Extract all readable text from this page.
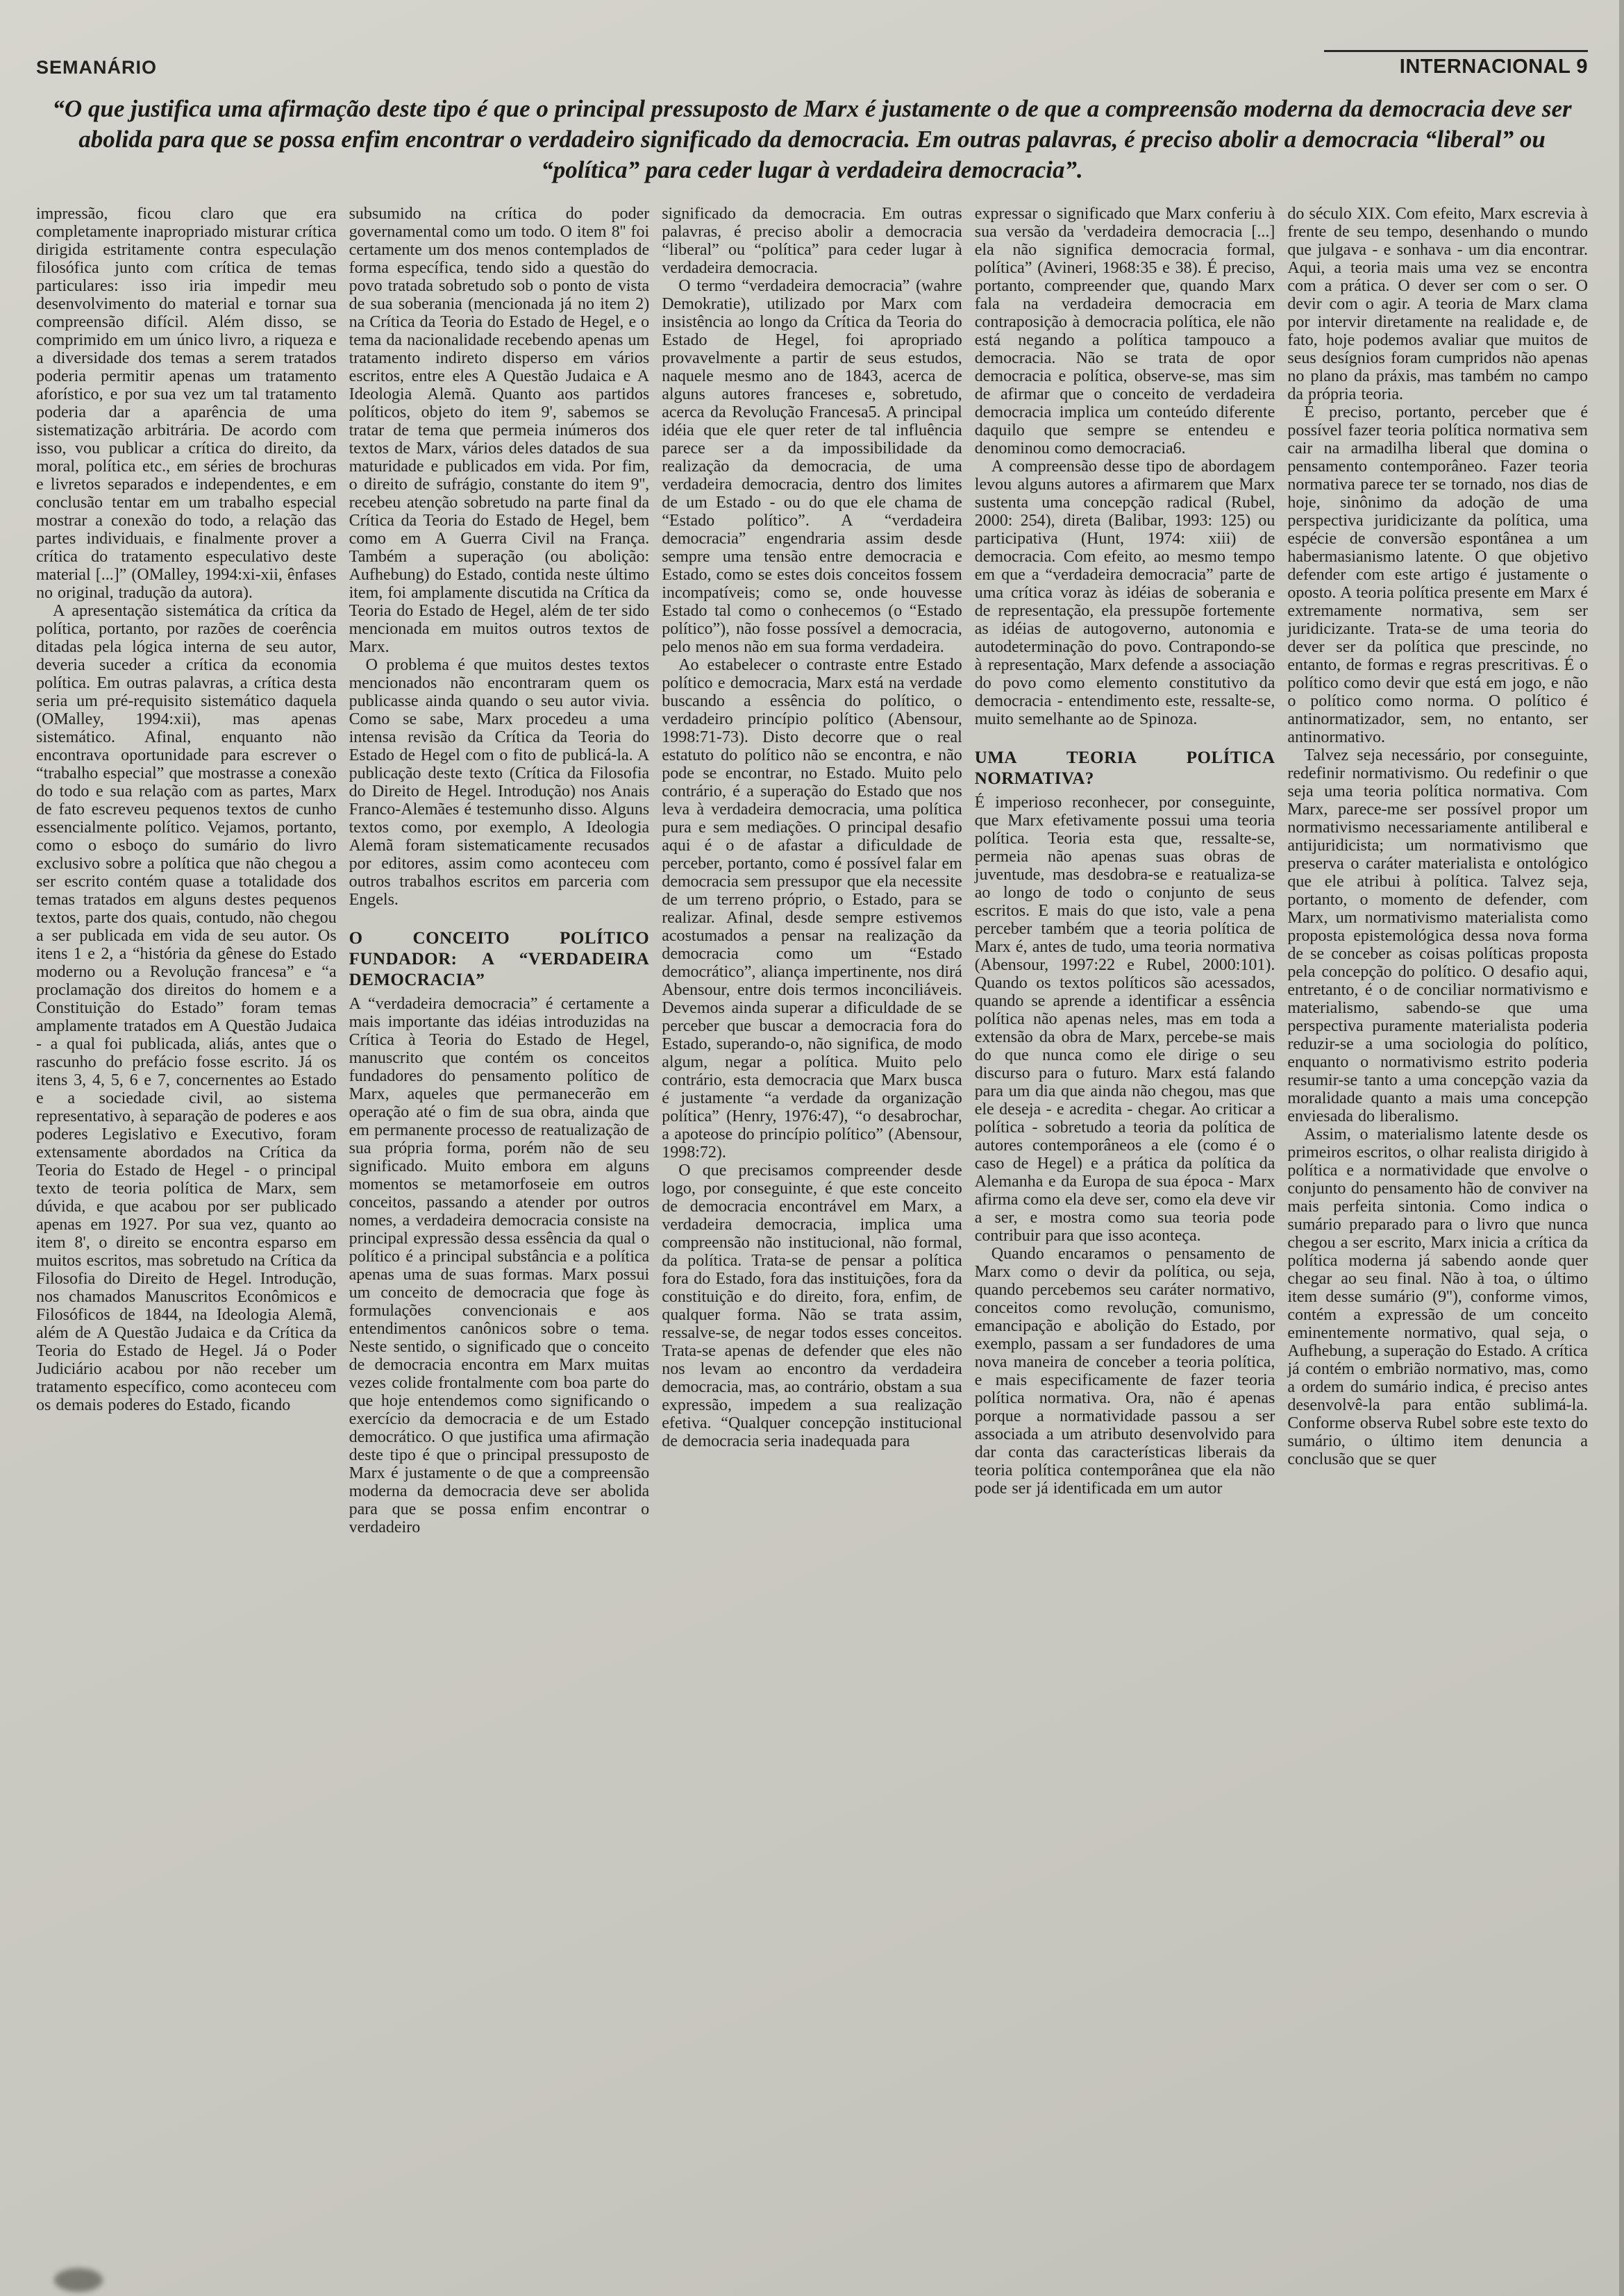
SEMANÁRIO	INTERNACIONAL 9
“O que justifica uma afirmação deste tipo é que o principal pressuposto de Marx é justamente o de que a compreensão moderna da democracia deve ser abolida para que se possa enfim encontrar o verdadeiro significado da democracia. Em outras palavras, é preciso abolir a democracia “liberal” ou “política” para ceder lugar à verdadeira democracia”.

impressão, ficou claro que era completamente inapropriado misturar crítica dirigida estritamente contra especulação filosófica junto com crítica de temas particulares: isso iria impedir meu desenvolvimento do material e tornar sua compreensão difícil. Além disso, se comprimido em um único livro, a riqueza e a diversidade dos temas a serem tratados poderia permitir apenas um tratamento aforístico, e por sua vez um tal tratamento poderia dar a aparência de uma sistematização arbitrária. De acordo com isso, vou publicar a crítica do direito, da moral, política etc., em séries de brochuras e livretos separados e independentes, e em conclusão tentar em um trabalho especial mostrar a conexão do todo, a relação das partes individuais, e finalmente prover a crítica do tratamento especulativo deste material [...]” (OMalley, 1994:xi-xii, ênfases no original, tradução da autora).

A apresentação sistemática da crítica da política, portanto, por razões de coerência ditadas pela lógica interna de seu autor, deveria suceder a crítica da economia política. Em outras palavras, a crítica desta seria um pré-requisito sistemático daquela (OMalley, 1994:xii), mas apenas sistemático. Afinal, enquanto não encontrava oportunidade para escrever o “trabalho especial” que mostrasse a conexão do todo e sua relação com as partes, Marx de fato escreveu pequenos textos de cunho essencialmente político. Vejamos, portanto, como o esboço do sumário do livro exclusivo sobre a política que não chegou a ser escrito contém quase a totalidade dos temas tratados em alguns destes pequenos textos, parte dos quais, contudo, não chegou a ser publicada em vida de seu autor. Os itens 1 e 2, a “história da gênese do Estado moderno ou a Revolução francesa” e “a proclamação dos direitos do homem e a Constituição do Estado” foram temas amplamente tratados em A Questão Judaica - a qual foi publicada, aliás, antes que o rascunho do prefácio fosse escrito. Já os itens 3, 4, 5, 6 e 7, concernentes ao Estado e a sociedade civil, ao sistema representativo, à separação de poderes e aos poderes Legislativo e Executivo, foram extensamente abordados na Crítica da Teoria do Estado de Hegel - o principal texto de teoria política de Marx, sem dúvida, e que acabou por ser publicado apenas em 1927. Por sua vez, quanto ao item 8', o direito se encontra esparso em muitos escritos, mas sobretudo na Crítica da Filosofia do Direito de Hegel. Introdução, nos chamados Manuscritos Econômicos e Filosóficos de 1844, na Ideologia Alemã, além de A Questão Judaica e da Crítica da Teoria do Estado de Hegel. Já o Poder Judiciário acabou por não receber um tratamento específico, como aconteceu com os demais poderes do Estado, ficando

subsumido na crítica do poder governamental como um todo. O item 8'' foi certamente um dos menos contemplados de forma específica, tendo sido a questão do povo tratada sobretudo sob o ponto de vista de sua soberania (mencionada já no item 2) na Crítica da Teoria do Estado de Hegel, e o tema da nacionalidade recebendo apenas um tratamento indireto disperso em vários escritos, entre eles A Questão Judaica e A Ideologia Alemã. Quanto aos partidos políticos, objeto do item 9', sabemos se tratar de tema que permeia inúmeros dos textos de Marx, vários deles datados de sua maturidade e publicados em vida. Por fim, o direito de sufrágio, constante do item 9'', recebeu atenção sobretudo na parte final da Crítica da Teoria do Estado de Hegel, bem como em A Guerra Civil na França. Também a superação (ou abolição: Aufhebung) do Estado, contida neste último item, foi amplamente discutida na Crítica da Teoria do Estado de Hegel, além de ter sido mencionada em muitos outros textos de Marx.

O problema é que muitos destes textos mencionados não encontraram quem os publicasse ainda quando o seu autor vivia. Como se sabe, Marx procedeu a uma intensa revisão da Crítica da Teoria do Estado de Hegel com o fito de publicá-la. A publicação deste texto (Crítica da Filosofia do Direito de Hegel. Introdução) nos Anais Franco-Alemães é testemunho disso. Alguns textos como, por exemplo, A Ideologia Alemã foram sistematicamente recusados por editores, assim como aconteceu com outros trabalhos escritos em parceria com Engels.

O CONCEITO POLÍTICO FUNDADOR: A “VERDADEIRA DEMOCRACIA”

A “verdadeira democracia” é certamente a mais importante das idéias introduzidas na Crítica à Teoria do Estado de Hegel, manuscrito que contém os conceitos fundadores do pensamento político de Marx, aqueles que permanecerão em operação até o fim de sua obra, ainda que em permanente processo de reatualização de sua própria forma, porém não de seu significado. Muito embora em alguns momentos se metamorfoseie em outros conceitos, passando a atender por outros nomes, a verdadeira democracia consiste na principal expressão dessa essência da qual o político é a principal substância e a política apenas uma de suas formas. Marx possui um conceito de democracia que foge às formulações convencionais e aos entendimentos canônicos sobre o tema. Neste sentido, o significado que o conceito de democracia encontra em Marx muitas vezes colide frontalmente com boa parte do que hoje entendemos como significando o exercício da democracia e de um Estado democrático. O que justifica uma afirmação deste tipo é que o principal pressuposto de Marx é justamente o de que a compreensão moderna da democracia deve ser abolida para que se possa enfim encontrar o verdadeiro

significado da democracia. Em outras palavras, é preciso abolir a democracia “liberal” ou “política” para ceder lugar à verdadeira democracia.

O termo “verdadeira democracia” (wahre Demokratie), utilizado por Marx com insistência ao longo da Crítica da Teoria do Estado de Hegel, foi apropriado provavelmente a partir de seus estudos, naquele mesmo ano de 1843, acerca de alguns autores franceses e, sobretudo, acerca da Revolução Francesa5. A principal idéia que ele quer reter de tal influência parece ser a da impossibilidade da realização da democracia, de uma verdadeira democracia, dentro dos limites de um Estado - ou do que ele chama de “Estado político”. A “verdadeira democracia” engendraria assim desde sempre uma tensão entre democracia e Estado, como se estes dois conceitos fossem incompatíveis; como se, onde houvesse Estado tal como o conhecemos (o “Estado político”), não fosse possível a democracia, pelo menos não em sua forma verdadeira.

Ao estabelecer o contraste entre Estado político e democracia, Marx está na verdade buscando a essência do político, o verdadeiro princípio político (Abensour, 1998:71-73). Disto decorre que o real estatuto do político não se encontra, e não pode se encontrar, no Estado. Muito pelo contrário, é a superação do Estado que nos leva à verdadeira democracia, uma política pura e sem mediações. O principal desafio aqui é o de afastar a dificuldade de perceber, portanto, como é possível falar em democracia sem pressupor que ela necessite de um terreno próprio, o Estado, para se realizar. Afinal, desde sempre estivemos acostumados a pensar na realização da democracia como um “Estado democrático”, aliança impertinente, nos dirá Abensour, entre dois termos inconciliáveis. Devemos ainda superar a dificuldade de se perceber que buscar a democracia fora do Estado, superando-o, não significa, de modo algum, negar a política. Muito pelo contrário, esta democracia que Marx busca é justamente “a verdade da organização política” (Henry, 1976:47), “o desabrochar, a apoteose do princípio político” (Abensour, 1998:72).

O que precisamos compreender desde logo, por conseguinte, é que este conceito de democracia encontrável em Marx, a verdadeira democracia, implica uma compreensão não institucional, não formal, da política. Trata-se de pensar a política fora do Estado, fora das instituições, fora da constituição e do direito, fora, enfim, de qualquer forma. Não se trata assim, ressalve-se, de negar todos esses conceitos. Trata-se apenas de defender que eles não nos levam ao encontro da verdadeira democracia, mas, ao contrário, obstam a sua expressão, impedem a sua realização efetiva. “Qualquer concepção institucional de democracia seria inadequada para

expressar o significado que Marx conferiu à sua versão da 'verdadeira democracia [...] ela não significa democracia formal, política” (Avineri, 1968:35 e 38). É preciso, portanto, compreender que, quando Marx fala na verdadeira democracia em contraposição à democracia política, ele não está negando a política tampouco a democracia. Não se trata de opor democracia e política, observe-se, mas sim de afirmar que o conceito de verdadeira democracia implica um conteúdo diferente daquilo que sempre se entendeu e denominou como democracia6.

A compreensão desse tipo de abordagem levou alguns autores a afirmarem que Marx sustenta uma concepção radical (Rubel, 2000: 254), direta (Balibar, 1993: 125) ou participativa (Hunt, 1974: xiii) de democracia. Com efeito, ao mesmo tempo em que a “verdadeira democracia” parte de uma crítica voraz às idéias de soberania e de representação, ela pressupõe fortemente as idéias de autogoverno, autonomia e autodeterminação do povo. Contrapondo-se à representação, Marx defende a associação do povo como elemento constitutivo da democracia - entendimento este, ressalte-se, muito semelhante ao de Spinoza.

UMA TEORIA POLÍTICA NORMATIVA?

É imperioso reconhecer, por conseguinte, que Marx efetivamente possui uma teoria política. Teoria esta que, ressalte-se, permeia não apenas suas obras de juventude, mas desdobra-se e reatualiza-se ao longo de todo o conjunto de seus escritos. E mais do que isto, vale a pena perceber também que a teoria política de Marx é, antes de tudo, uma teoria normativa (Abensour, 1997:22 e Rubel, 2000:101). Quando os textos políticos são acessados, quando se aprende a identificar a essência política não apenas neles, mas em toda a extensão da obra de Marx, percebe-se mais do que nunca como ele dirige o seu discurso para o futuro. Marx está falando para um dia que ainda não chegou, mas que ele deseja - e acredita - chegar. Ao criticar a política - sobretudo a teoria da política de autores contemporâneos a ele (como é o caso de Hegel) e a prática da política da Alemanha e da Europa de sua época - Marx afirma como ela deve ser, como ela deve vir a ser, e mostra como sua teoria pode contribuir para que isso aconteça.

Quando encaramos o pensamento de Marx como o devir da política, ou seja, quando percebemos seu caráter normativo, conceitos como revolução, comunismo, emancipação e abolição do Estado, por exemplo, passam a ser fundadores de uma nova maneira de conceber a teoria política, e mais especificamente de fazer teoria política normativa. Ora, não é apenas porque a normatividade passou a ser associada a um atributo desenvolvido para dar conta das características liberais da teoria política contemporânea que ela não pode ser já identificada em um autor

do século XIX. Com efeito, Marx escrevia à frente de seu tempo, desenhando o mundo que julgava - e sonhava - um dia encontrar. Aqui, a teoria mais uma vez se encontra com a prática. O dever ser com o ser. O devir com o agir. A teoria de Marx clama por intervir diretamente na realidade e, de fato, hoje podemos avaliar que muitos de seus desígnios foram cumpridos não apenas no plano da práxis, mas também no campo da própria teoria.

É preciso, portanto, perceber que é possível fazer teoria política normativa sem cair na armadilha liberal que domina o pensamento contemporâneo. Fazer teoria normativa parece ter se tornado, nos dias de hoje, sinônimo da adoção de uma perspectiva juridicizante da política, uma espécie de conversão espontânea a um habermasianismo latente. O que objetivo defender com este artigo é justamente o oposto. A teoria política presente em Marx é extremamente normativa, sem ser juridicizante. Trata-se de uma teoria do dever ser da política que prescinde, no entanto, de formas e regras prescritivas. É o político como devir que está em jogo, e não o político como norma. O político é antinormatizador, sem, no entanto, ser antinormativo.

Talvez seja necessário, por conseguinte, redefinir normativismo. Ou redefinir o que seja uma teoria política normativa. Com Marx, parece-me ser possível propor um normativismo necessariamente antiliberal e antijuridicista; um normativismo que preserva o caráter materialista e ontológico que ele atribui à política. Talvez seja, portanto, o momento de defender, com Marx, um normativismo materialista como proposta epistemológica dessa nova forma de se conceber as coisas políticas proposta pela concepção do político. O desafio aqui, entretanto, é o de conciliar normativismo e materialismo, sabendo-se que uma perspectiva puramente materialista poderia reduzir-se a uma sociologia do político, enquanto o normativismo estrito poderia resumir-se tanto a uma concepção vazia da moralidade quanto a mais uma concepção enviesada do liberalismo.

Assim, o materialismo latente desde os primeiros escritos, o olhar realista dirigido à política e a normatividade que envolve o conjunto do pensamento hão de conviver na mais perfeita sintonia. Como indica o sumário preparado para o livro que nunca chegou a ser escrito, Marx inicia a crítica da política moderna já sabendo aonde quer chegar ao seu final. Não à toa, o último item desse sumário (9''), conforme vimos, contém a expressão de um conceito eminentemente normativo, qual seja, o Aufhebung, a superação do Estado. A crítica já contém o embrião normativo, mas, como a ordem do sumário indica, é preciso antes desenvolvê-la para então sublimá-la. Conforme observa Rubel sobre este texto do sumário, o último item denuncia a conclusão que se quer
